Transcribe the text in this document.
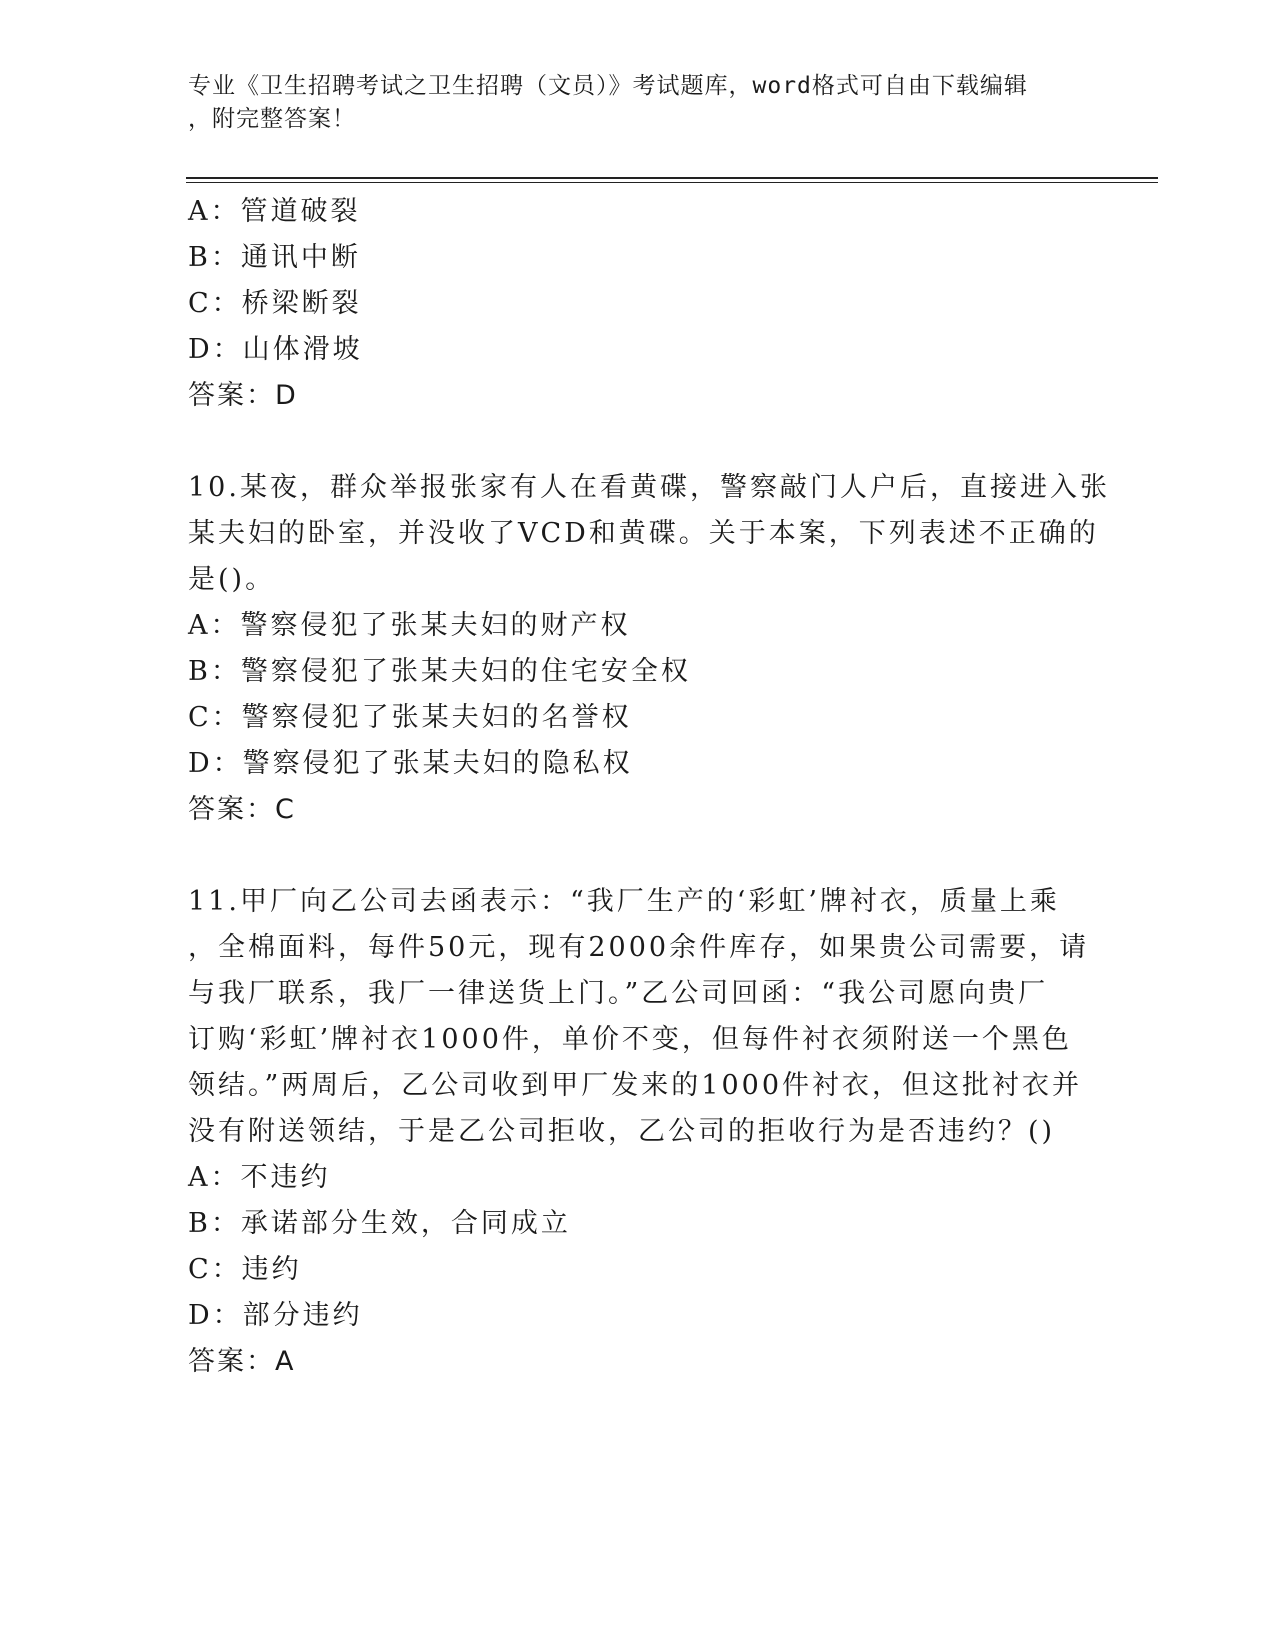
专业《卫生招聘考试之卫生招聘（文员）》考试题库，word格式可自由下载编辑
，附完整答案！
A：管道破裂
B：通讯中断
C：桥梁断裂
D：山体滑坡
答案：D
10.某夜，群众举报张家有人在看黄碟，警察敲门人户后，直接进入张
某夫妇的卧室，并没收了VCD和黄碟。关于本案，下列表述不正确的
是()。
A：警察侵犯了张某夫妇的财产权
B：警察侵犯了张某夫妇的住宅安全权
C：警察侵犯了张某夫妇的名誉权
D：警察侵犯了张某夫妇的隐私权
答案：C
11.甲厂向乙公司去函表示：“我厂生产的‘彩虹’牌衬衣，质量上乘
，全棉面料，每件50元，现有2000余件库存，如果贵公司需要，请
与我厂联系，我厂一律送货上门。”乙公司回函：“我公司愿向贵厂
订购‘彩虹’牌衬衣1000件，单价不变，但每件衬衣须附送一个黑色
领结。”两周后，乙公司收到甲厂发来的1000件衬衣，但这批衬衣并
没有附送领结，于是乙公司拒收，乙公司的拒收行为是否违约？()
A：不违约
B：承诺部分生效，合同成立
C：违约
D：部分违约
答案：A
